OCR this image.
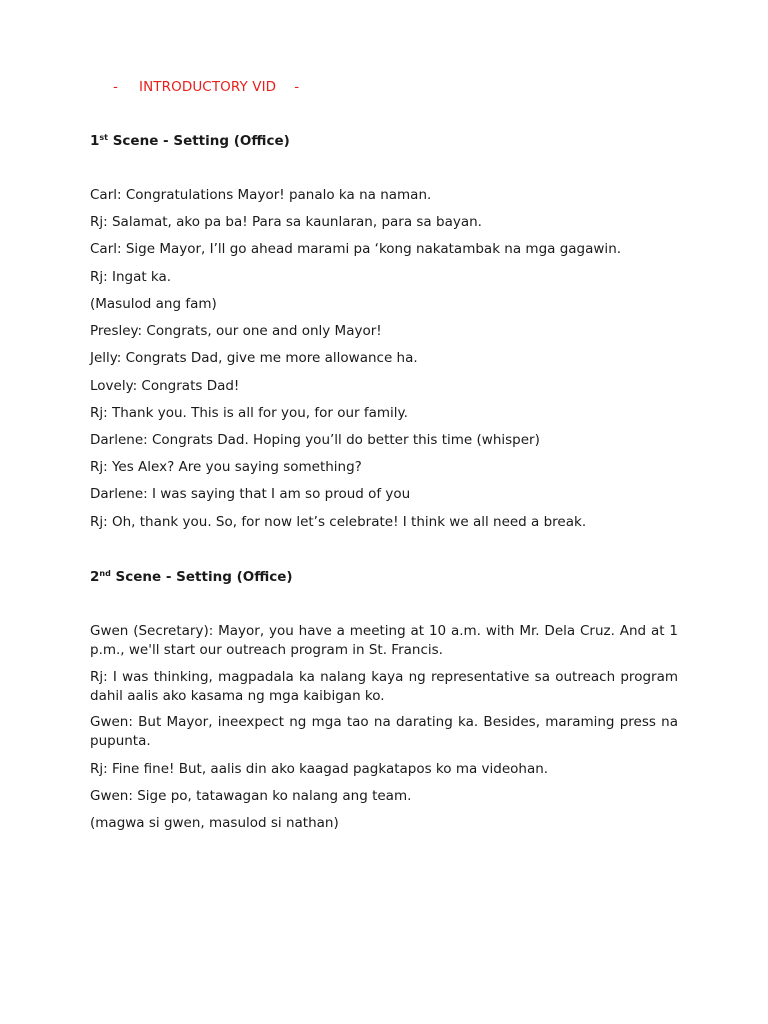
- INTRODUCTORY VID -
1st Scene - Setting (Office)
Carl: Congratulations Mayor! panalo ka na naman.
Rj: Salamat, ako pa ba! Para sa kaunlaran, para sa bayan.
Carl: Sige Mayor, I’ll go ahead marami pa ‘kong nakatambak na mga gagawin.
Rj: Ingat ka.
(Masulod ang fam)
Presley: Congrats, our one and only Mayor!
Jelly: Congrats Dad, give me more allowance ha.
Lovely: Congrats Dad!
Rj: Thank you. This is all for you, for our family.
Darlene: Congrats Dad. Hoping you’ll do better this time (whisper)
Rj: Yes Alex? Are you saying something?
Darlene: I was saying that I am so proud of you
Rj: Oh, thank you. So, for now let’s celebrate! I think we all need a break.
2nd Scene - Setting (Office)
Gwen (Secretary): Mayor, you have a meeting at 10 a.m. with Mr. Dela Cruz. And at 1 p.m., we'll start our outreach program in St. Francis.
Rj: I was thinking, magpadala ka nalang kaya ng representative sa outreach program dahil aalis ako kasama ng mga kaibigan ko.
Gwen: But Mayor, ineexpect ng mga tao na darating ka. Besides, maraming press na pupunta.
Rj: Fine fine! But, aalis din ako kaagad pagkatapos ko ma videohan.
Gwen: Sige po, tatawagan ko nalang ang team.
(magwa si gwen, masulod si nathan)
